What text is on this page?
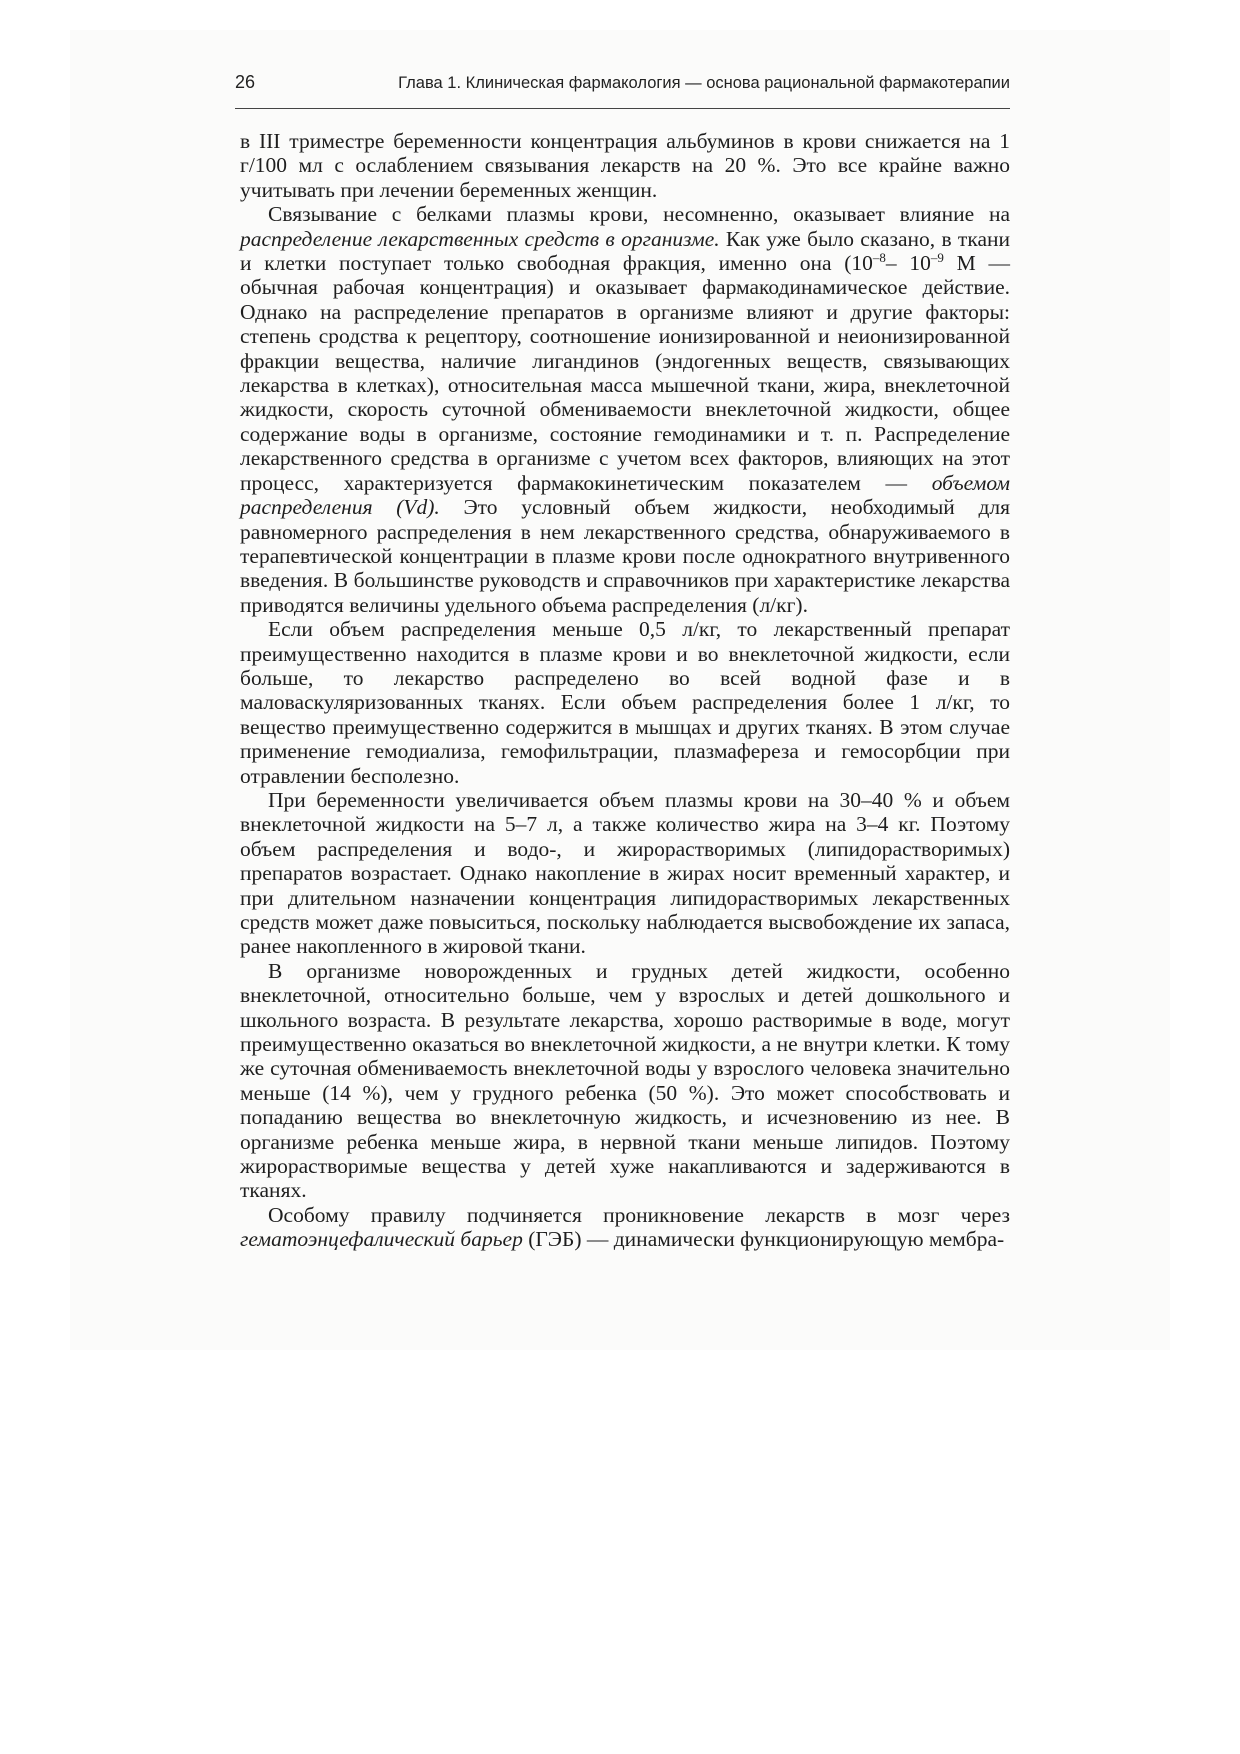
26	Глава 1. Клиническая фармакология — основа рациональной фармакотерапии

в III триместре беременности концентрация альбуминов в крови снижается на 1 г/100 мл с ослаблением связывания лекарств на 20 %. Это все крайне важно учитывать при лечении беременных женщин.

Связывание с белками плазмы крови, несомненно, оказывает влияние на распределение лекарственных средств в организме. Как уже было сказано, в ткани и клетки поступает только свободная фракция, именно она ($10^{-8}-$ $10^{-9}$ М — обычная рабочая концентрация) и оказывает фармакодинамическое действие. Однако на распределение препаратов в организме влияют и другие факторы: степень сродства к рецептору, соотношение ионизированной и неионизированной фракции вещества, наличие лигандинов (эндогенных веществ, связывающих лекарства в клетках), относительная масса мышечной ткани, жира, внеклеточной жидкости, скорость суточной обмениваемости внеклеточной жидкости, общее содержание воды в организме, состояние гемодинамики и т. п. Распределение лекарственного средства в организме с учетом всех факторов, влияющих на этот процесс, характеризуется фармакокинетическим показателем — объемом распределения (Vd). Это условный объем жидкости, необходимый для равномерного распределения в нем лекарственного средства, обнаруживаемого в терапевтической концентрации в плазме крови после однократного внутривенного введения. В большинстве руководств и справочников при характеристике лекарства приводятся величины удельного объема распределения (л/кг).

Если объем распределения меньше 0,5 л/кг, то лекарственный препарат преимущественно находится в плазме крови и во внеклеточной жидкости, если больше, то лекарство распределено во всей водной фазе и в маловаскуляризованных тканях. Если объем распределения более 1 л/кг, то вещество преимущественно содержится в мышцах и других тканях. В этом случае применение гемодиализа, гемофильтрации, плазмафереза и гемосорбции при отравлении бесполезно.

При беременности увеличивается объем плазмы крови на 30–40 % и объем внеклеточной жидкости на 5–7 л, а также количество жира на 3–4 кг. Поэтому объем распределения и водо-, и жирорастворимых (липидорастворимых) препаратов возрастает. Однако накопление в жирах носит временный характер, и при длительном назначении концентрация липидорастворимых лекарственных средств может даже повыситься, поскольку наблюдается высвобождение их запаса, ранее накопленного в жировой ткани.

В организме новорожденных и грудных детей жидкости, особенно внеклеточной, относительно больше, чем у взрослых и детей дошкольного и школьного возраста. В результате лекарства, хорошо растворимые в воде, могут преимущественно оказаться во внеклеточной жидкости, а не внутри клетки. К тому же суточная обмениваемость внеклеточной воды у взрослого человека значительно меньше (14 %), чем у грудного ребенка (50 %). Это может способствовать и попаданию вещества во внеклеточную жидкость, и исчезновению из нее. В организме ребенка меньше жира, в нервной ткани меньше липидов. Поэтому жирорастворимые вещества у детей хуже накапливаются и задерживаются в тканях.

Особому правилу подчиняется проникновение лекарств в мозг через гематоэнцефалический барьер (ГЭБ) — динамически функционирующую мембра-
